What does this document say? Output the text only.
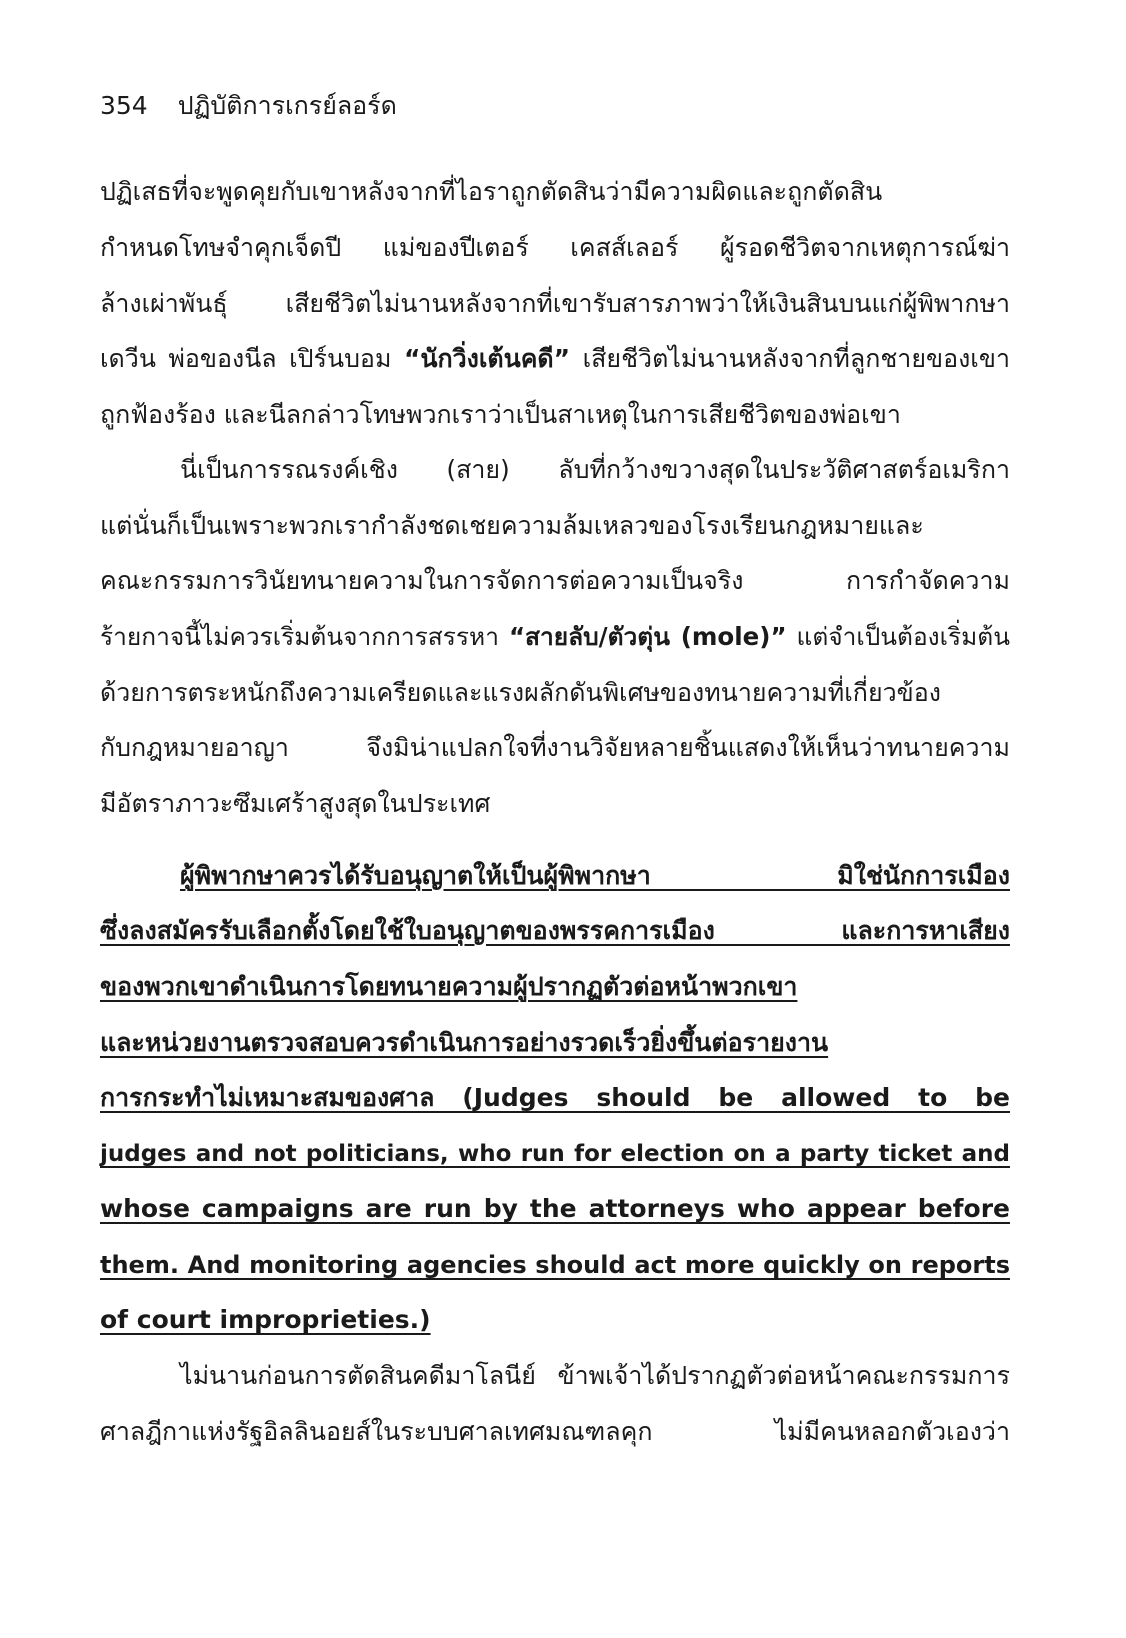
354 ปฏิบัติการเกรย์ลอร์ด
ปฏิเสธที่จะพูดคุยกับเขาหลังจากที่ไอราถูกตัดสินว่ามีความผิดและถูกตัดสิน
กำหนดโทษจำคุกเจ็ดปี แม่ของปีเตอร์ เคสส์เลอร์ ผู้รอดชีวิตจากเหตุการณ์ฆ่า
ล้างเผ่าพันธุ์ เสียชีวิตไม่นานหลังจากที่เขารับสารภาพว่าให้เงินสินบนแก่ผู้พิพากษา
เดวีน พ่อของนีล เปิร์นบอม “นักวิ่งเต้นคดี” เสียชีวิตไม่นานหลังจากที่ลูกชายของเขา
ถูกฟ้องร้อง และนีลกล่าวโทษพวกเราว่าเป็นสาเหตุในการเสียชีวิตของพ่อเขา
นี่เป็นการรณรงค์เชิง (สาย) ลับที่กว้างขวางสุดในประวัติศาสตร์อเมริกา
แต่นั่นก็เป็นเพราะพวกเรากำลังชดเชยความล้มเหลวของโรงเรียนกฎหมายและ
คณะกรรมการวินัยทนายความในการจัดการต่อความเป็นจริง การกำจัดความ
ร้ายกาจนี้ไม่ควรเริ่มต้นจากการสรรหา “สายลับ/ตัวตุ่น (mole)” แต่จำเป็นต้องเริ่มต้น
ด้วยการตระหนักถึงความเครียดและแรงผลักดันพิเศษของทนายความที่เกี่ยวข้อง
กับกฎหมายอาญา จึงมิน่าแปลกใจที่งานวิจัยหลายชิ้นแสดงให้เห็นว่าทนายความ
มีอัตราภาวะซึมเศร้าสูงสุดในประเทศ
ผู้พิพากษาควรได้รับอนุญาตให้เป็นผู้พิพากษา มิใช่นักการเมือง
ซึ่งลงสมัครรับเลือกตั้งโดยใช้ใบอนุญาตของพรรคการเมือง และการหาเสียง
ของพวกเขาดำเนินการโดยทนายความผู้ปรากฏตัวต่อหน้าพวกเขา
และหน่วยงานตรวจสอบควรดำเนินการอย่างรวดเร็วยิ่งขึ้นต่อรายงาน
การกระทำไม่เหมาะสมของศาล (Judges should be allowed to be
judges and not politicians, who run for election on a party ticket and
whose campaigns are run by the attorneys who appear before
them. And monitoring agencies should act more quickly on reports
of court improprieties.)
ไม่นานก่อนการตัดสินคดีมาโลนีย์ ข้าพเจ้าได้ปรากฏตัวต่อหน้าคณะกรรมการ
ศาลฎีกาแห่งรัฐอิลลินอยส์ในระบบศาลเทศมณฑลคุก ไม่มีคนหลอกตัวเองว่า
